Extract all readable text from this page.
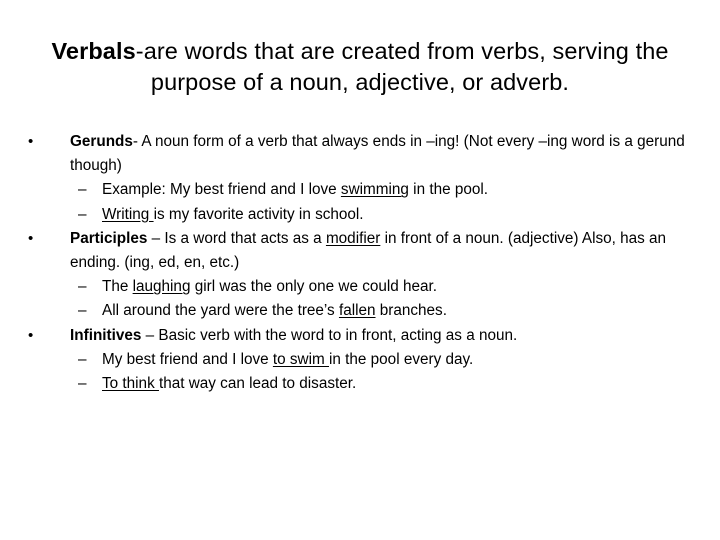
Verbals-are words that are created from verbs, serving the purpose of a noun, adjective, or adverb.
• Gerunds- A noun form of a verb that always ends in –ing! (Not every –ing word is a gerund though)
– Example: My best friend and I love swimming in the pool.
– Writing is my favorite activity in school.
• Participles – Is a word that acts as a modifier in front of a noun. (adjective) Also, has an ending. (ing, ed, en, etc.)
– The laughing girl was the only one we could hear.
– All around the yard were the tree’s fallen branches.
• Infinitives – Basic verb with the word to in front, acting as a noun.
– My best friend and I love to swim in the pool every day.
– To think that way can lead to disaster.
